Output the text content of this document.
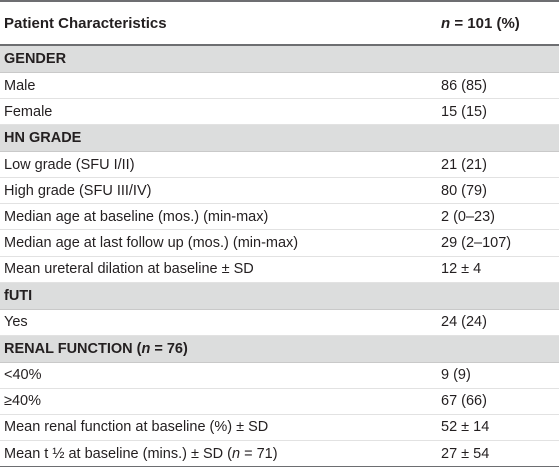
Patient Characteristics	n = 101 (%)
GENDER
Male	86 (85)
Female	15 (15)
HN GRADE
Low grade (SFU I/II)	21 (21)
High grade (SFU III/IV)	80 (79)
Median age at baseline (mos.) (min-max)	2 (0–23)
Median age at last follow up (mos.) (min-max)	29 (2–107)
Mean ureteral dilation at baseline ± SD	12 ± 4
fUTI
Yes	24 (24)
RENAL FUNCTION (n = 76)
<40%	9 (9)
≥40%	67 (66)
Mean renal function at baseline (%) ± SD	52 ± 14
Mean t ½ at baseline (mins.) ± SD (n = 71)	27 ± 54
